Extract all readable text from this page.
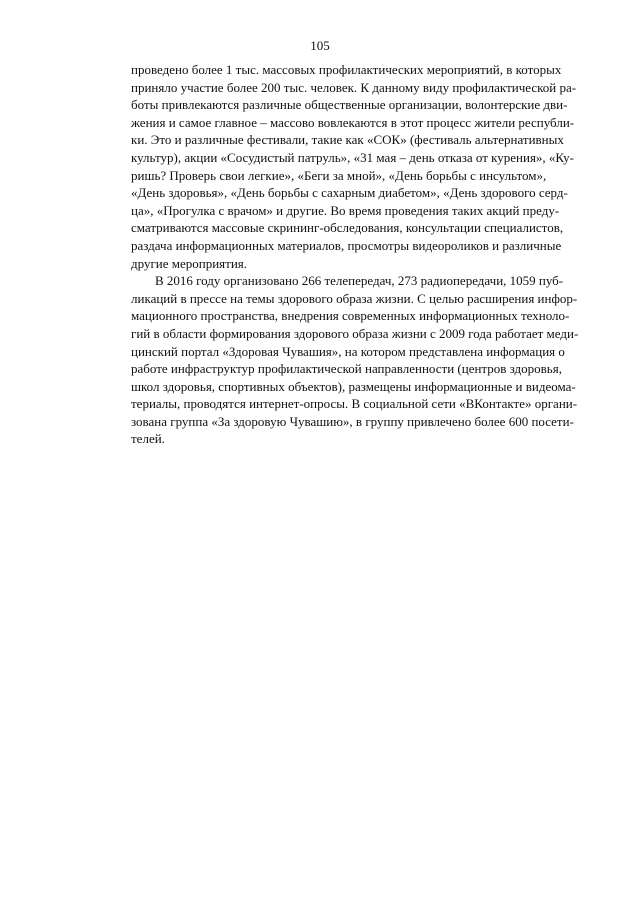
105
проведено более 1 тыс. массовых профилактических мероприятий, в которых
приняло участие более 200 тыс. человек. К данному виду профилактической ра-
боты привлекаются различные общественные организации, волонтерские дви-
жения и самое главное – массово вовлекаются в этот процесс жители республи-
ки. Это и различные фестивали, такие как «СОК» (фестиваль альтернативных
культур), акции «Сосудистый патруль», «31 мая – день отказа от курения», «Ку-
ришь? Проверь свои легкие», «Беги за мной», «День борьбы с инсультом»,
«День здоровья», «День борьбы с сахарным диабетом», «День здорового серд-
ца», «Прогулка с врачом» и другие. Во время проведения таких акций преду-
сматриваются массовые скрининг-обследования, консультации специалистов,
раздача информационных материалов, просмотры видеороликов и различные
другие мероприятия.
В 2016 году организовано 266 телепередач, 273 радиопередачи, 1059 пуб-
ликаций в прессе на темы здорового образа жизни. С целью расширения инфор-
мационного пространства, внедрения современных информационных техноло-
гий в области формирования здорового образа жизни с 2009 года работает меди-
цинский портал «Здоровая Чувашия», на котором представлена информация о
работе инфраструктур профилактической направленности (центров здоровья,
школ здоровья, спортивных объектов), размещены информационные и видеома-
териалы, проводятся интернет-опросы. В социальной сети «ВКонтакте» органи-
зована группа «За здоровую Чувашию», в группу привлечено более 600 посети-
телей.
